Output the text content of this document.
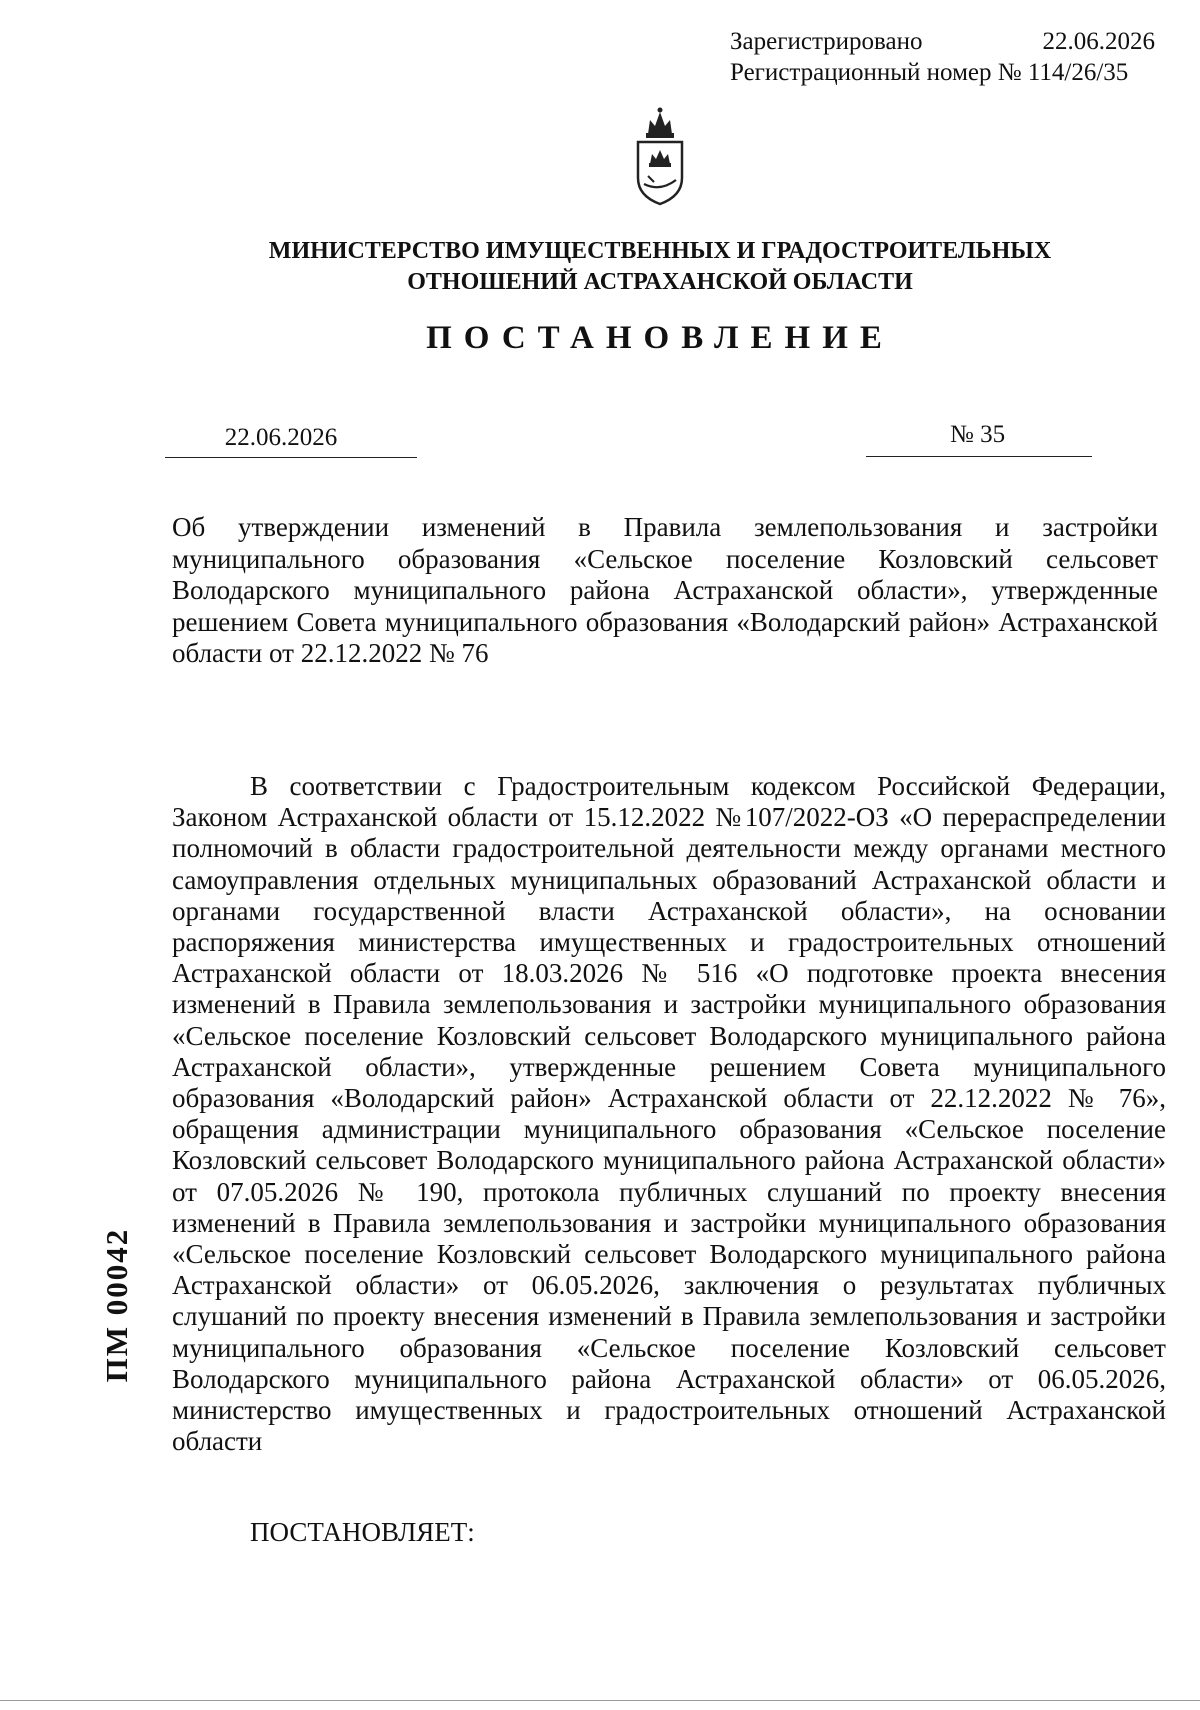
Зарегистрировано	22.06.2026
Регистрационный номер № 114/26/35
МИНИСТЕРСТВО ИМУЩЕСТВЕННЫХ И ГРАДОСТРОИТЕЛЬНЫХ
ОТНОШЕНИЙ АСТРАХАНСКОЙ ОБЛАСТИ
ПОСТАНОВЛЕНИЕ
22.06.2026	№ 35
Об утверждении изменений в Правила землепользования и застройки муниципального образования «Сельское поселение Козловский сельсовет Володарского муниципального района Астраханской области», утвержденные решением Совета муниципального образования «Володарский район» Астраханской области от 22.12.2022 № 76
В соответствии с Градостроительным кодексом Российской Федерации, Законом Астраханской области от 15.12.2022 №107/2022-ОЗ «О перераспределении полномочий в области градостроительной деятельности между органами местного самоуправления отдельных муниципальных образований Астраханской области и органами государственной власти Астраханской области», на основании распоряжения министерства имущественных и градостроительных отношений Астраханской области от 18.03.2026 № 516 «О подготовке проекта внесения изменений в Правила землепользования и застройки муниципального образования «Сельское поселение Козловский сельсовет Володарского муниципального района Астраханской области», утвержденные решением Совета муниципального образования «Володарский район» Астраханской области от 22.12.2022 № 76», обращения администрации муниципального образования «Сельское поселение Козловский сельсовет Володарского муниципального района Астраханской области» от 07.05.2026 № 190, протокола публичных слушаний по проекту внесения изменений в Правила землепользования и застройки муниципального образования «Сельское поселение Козловский сельсовет Володарского муниципального района Астраханской области» от 06.05.2026, заключения о результатах публичных слушаний по проекту внесения изменений в Правила землепользования и застройки муниципального образования «Сельское поселение Козловский сельсовет Володарского муниципального района Астраханской области» от 06.05.2026, министерство имущественных и градостроительных отношений Астраханской области
ПОСТАНОВЛЯЕТ:
ПМ 00042
